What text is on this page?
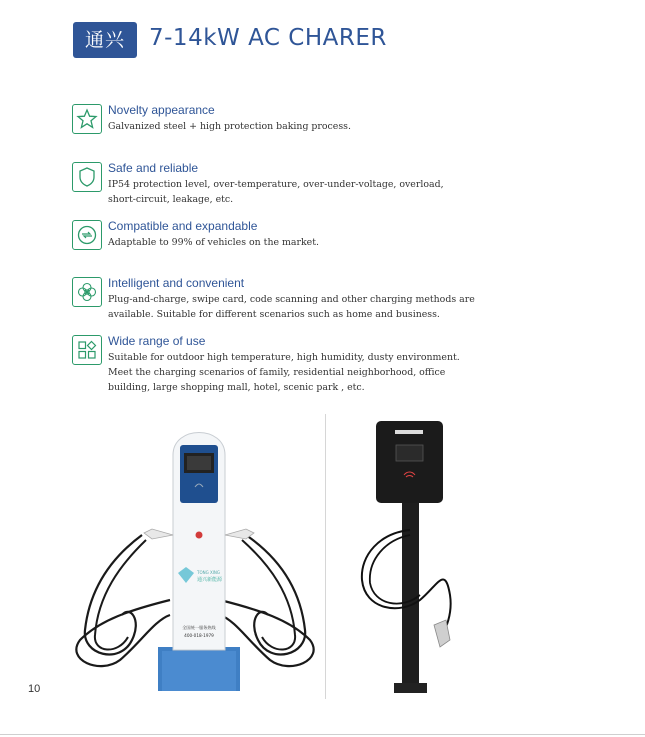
通兴	7-14kW AC CHARER
Novelty appearance
Galvanized steel + high protection baking process.
Safe and reliable
IP54 protection level, over-temperature, over-under-voltage, overload,
short-circuit, leakage, etc.
Compatible and expandable
Adaptable to 99% of vehicles on the market.
Intelligent and convenient
Plug-and-charge, swipe card, code scanning and other charging methods are
available. Suitable for different scenarios such as home and business.
Wide range of use
Suitable for outdoor high temperature, high humidity, dusty environment.
Meet the charging scenarios of family, residential neighborhood, office
building, large shopping mall, hotel, scenic park , etc.
TONG XING
通兴新能源
全国统一服务热线
400-018-1979
10
